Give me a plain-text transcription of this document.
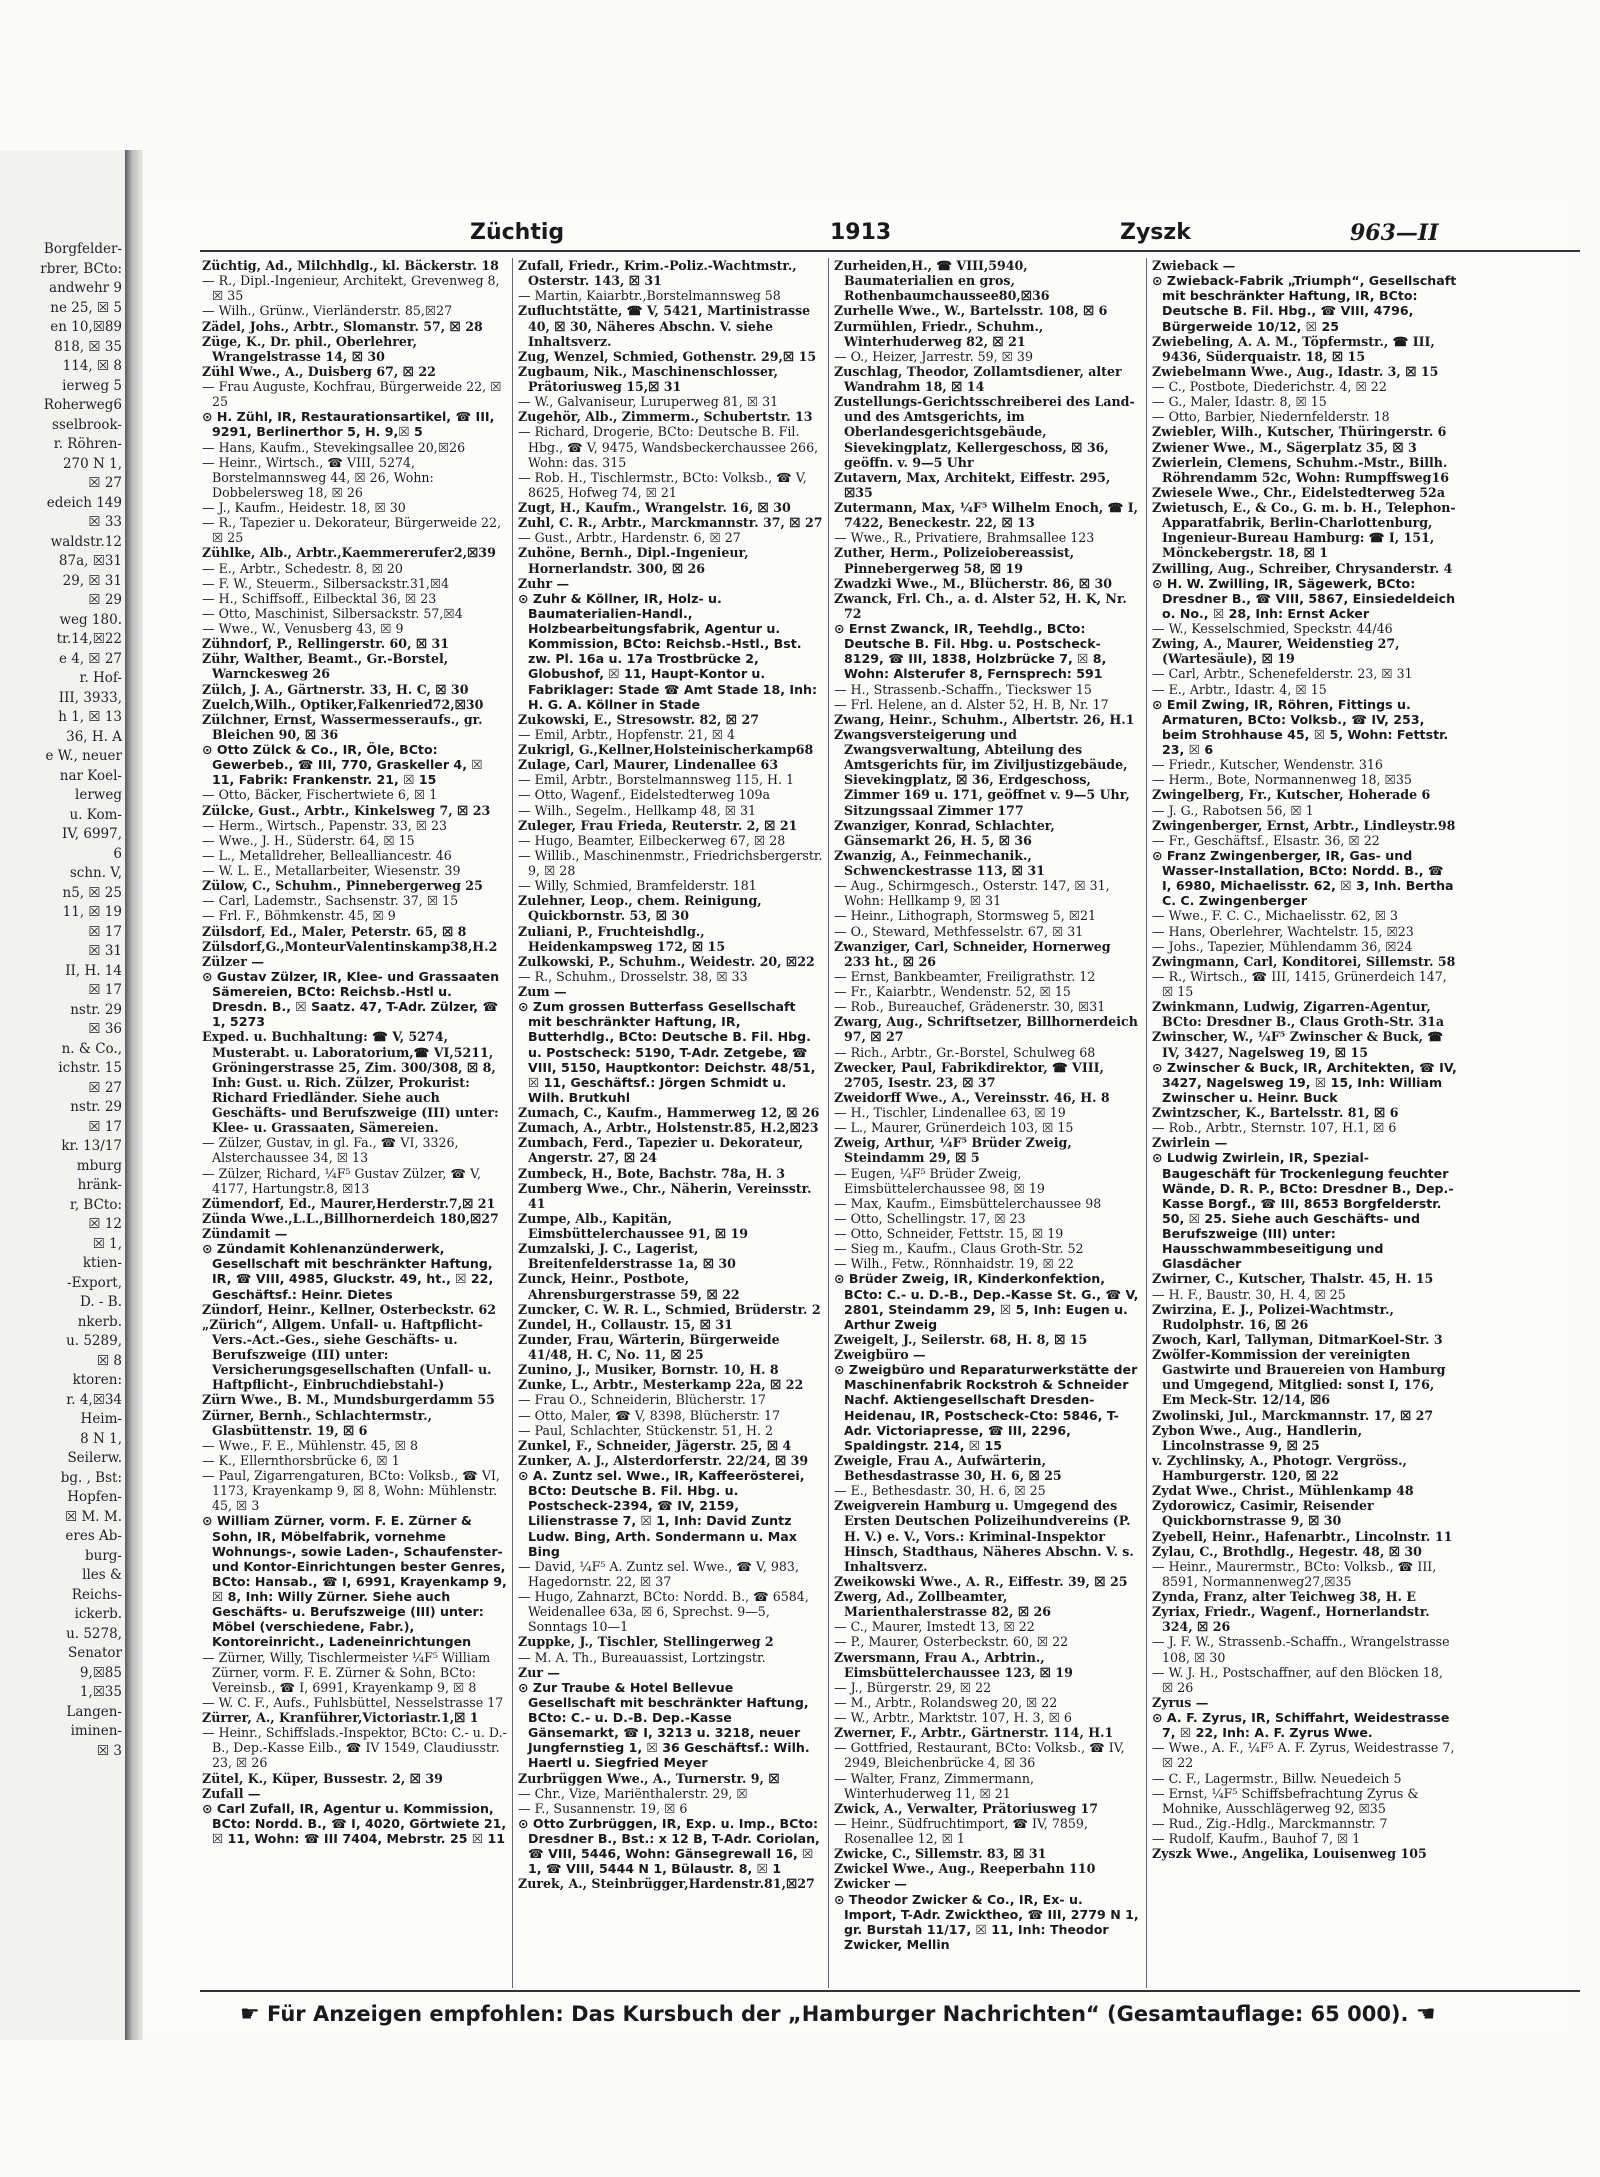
Borgfelder-
rbrer, BCto:
andwehr 9
ne 25, ☒ 5
en 10,☒89
818, ☒ 35
114, ☒ 8
ierweg 5
Roherweg6
sselbrook-
r. Röhren-
270 N 1,
☒ 27
edeich 149
☒ 33
waldstr.12
87a, ☒31
29, ☒ 31
☒ 29
weg 180.
tr.14,☒22
e 4, ☒ 27
r. Hof-
III, 3933,
h 1, ☒ 13
36, H. A
e W., neuer
nar Koel-
lerweg
u. Kom-
IV, 6997,
6
schn. V,
n5, ☒ 25
11, ☒ 19
☒ 17
☒ 31
II, H. 14
☒ 17
nstr. 29
☒ 36
n. & Co.,
ichstr. 15
☒ 27
nstr. 29
☒ 17
kr. 13/17
mburg
hränk-
r, BCto:
☒ 12
☒ 1,
ktien-
-Export,
D. - B.
nkerb.
u. 5289,
☒ 8
ktoren:
r. 4,☒34
Heim-
8 N 1,
Seilerw.
bg. , Bst:
Hopfen-
☒ M. M.
eres Ab-
burg-
lles &
Reichs-
ickerb.
u. 5278,
Senator
9,☒85
1,☒35
Langen-
iminen-
☒ 3
Züchtig	1913	Zyszk	963—II

Züchtig, Ad., Milchhdlg., kl. Bäckerstr. 18

— R., Dipl.-Ingenieur, Architekt, Grevenweg 8, ☒ 35

— Wilh., Grünw., Vierländerstr. 85,☒27

Zädel, Johs., Arbtr., Slomanstr. 57, ☒ 28

Züge, K., Dr. phil., Oberlehrer, Wrangelstrasse 14, ☒ 30

Zühl Wwe., A., Duisberg 67, ☒ 22

— Frau Auguste, Kochfrau, Bürgerweide 22, ☒ 25

⊙ H. Zühl, IR, Restaurationsartikel, ☎ III, 9291, Berlinerthor 5, H. 9,☒ 5

— Hans, Kaufm., Stevekingsallee 20,☒26

— Heinr., Wirtsch., ☎ VIII, 5274, Borstelmannsweg 44, ☒ 26, Wohn: Dobbelersweg 18, ☒ 26

— J., Kaufm., Heidestr. 18, ☒ 30

— R., Tapezier u. Dekorateur, Bürgerweide 22, ☒ 25

Zühlke, Alb., Arbtr.,Kaemmererufer2,☒39

— E., Arbtr., Schedestr. 8, ☒ 20

— F. W., Steuerm., Silbersackstr.31,☒4

— H., Schiffsoff., Eilbecktal 36, ☒ 23

— Otto, Maschinist, Silbersackstr. 57,☒4

— Wwe., W., Venusberg 43, ☒ 9

Zühndorf, P., Rellingerstr. 60, ☒ 31

Zühr, Walther, Beamt., Gr.-Borstel, Warnckesweg 26

Zülch, J. A., Gärtnerstr. 33, H. C, ☒ 30

Zuelch,Wilh., Optiker,Falkenried72,☒30

Zülchner, Ernst, Wassermesseraufs., gr. Bleichen 90, ☒ 36

⊙ Otto Zülck & Co., IR, Öle, BCto: Gewerbeb., ☎ III, 770, Graskeller 4, ☒ 11, Fabrik: Frankenstr. 21, ☒ 15

— Otto, Bäcker, Fischertwiete 6, ☒ 1

Zülcke, Gust., Arbtr., Kinkelsweg 7, ☒ 23

— Herm., Wirtsch., Papenstr. 33, ☒ 23

— Wwe., J. H., Süderstr. 64, ☒ 15

— L., Metalldreher, Bellealliancestr. 46

— W. L. E., Metallarbeiter, Wiesenstr. 39

Zülow, C., Schuhm., Pinnebergerweg 25

— Carl, Lademstr., Sachsenstr. 37, ☒ 15

— Frl. F., Böhmkenstr. 45, ☒ 9

Zülsdorf, Ed., Maler, Peterstr. 65, ☒ 8

Zülsdorf,G.,MonteurValentinskamp38,H.2

Zülzer —

⊙ Gustav Zülzer, IR, Klee- und Grassaaten Sämereien, BCto: Reichsb.-Hstl u. Dresdn. B., ☒ Saatz. 47, T-Adr. Zülzer, ☎ 1, 5273

Exped. u. Buchhaltung: ☎ V, 5274, Musterabt. u. Laboratorium,☎ VI,5211, Gröningerstrasse 25, Zim. 300/308, ☒ 8, Inh: Gust. u. Rich. Zülzer, Prokurist: Richard Friedländer. Siehe auch Geschäfts- und Berufszweige (III) unter: Klee- u. Grassaaten, Sämereien.

— Zülzer, Gustav, in gl. Fa., ☎ VI, 3326, Alsterchaussee 34, ☒ 13

— Zülzer, Richard, ¼F⁵ Gustav Zülzer, ☎ V, 4177, Hartungstr.8, ☒13

Zümendorf, Ed., Maurer,Herderstr.7,☒ 21

Zünda Wwe.,L.L.,Billhornerdeich 180,☒27

Zündamit —

⊙ Zündamit Kohlenanzünderwerk, Gesellschaft mit beschränkter Haftung, IR, ☎ VIII, 4985, Gluckstr. 49, ht., ☒ 22, Geschäftsf.: Heinr. Dietes

Zündorf, Heinr., Kellner, Osterbeckstr. 62

„Zürich“, Allgem. Unfall- u. Haftpflicht-Vers.-Act.-Ges., siehe Geschäfts- u. Berufszweige (III) unter: Versicherungsgesellschaften (Unfall- u. Haftpflicht-, Einbruchdiebstahl-)

Zürn Wwe., B. M., Mundsburgerdamm 55

Zürner, Bernh., Schlachtermstr., Glasbüttenstr. 19, ☒ 6

— Wwe., F. E., Mühlenstr. 45, ☒ 8

— K., Ellernthorsbrücke 6, ☒ 1

— Paul, Zigarrengaturen, BCto: Volksb., ☎ VI, 1173, Krayenkamp 9, ☒ 8, Wohn: Mühlenstr. 45, ☒ 3

⊙ William Zürner, vorm. F. E. Zürner & Sohn, IR, Möbelfabrik, vornehme Wohnungs-, sowie Laden-, Schaufenster- und Kontor-Einrichtungen bester Genres, BCto: Hansab., ☎ I, 6991, Krayenkamp 9, ☒ 8, Inh: Willy Zürner. Siehe auch Geschäfts- u. Berufszweige (III) unter: Möbel (verschiedene, Fabr.), Kontoreinricht., Ladeneinrichtungen

— Zürner, Willy, Tischlermeister ¼F⁵ William Zürner, vorm. F. E. Zürner & Sohn, BCto: Vereinsb., ☎ I, 6991, Krayenkamp 9, ☒ 8

— W. C. F., Aufs., Fuhlsbüttel, Nesselstrasse 17

Zürrer, A., Kranführer,Victoriastr.1,☒ 1

— Heinr., Schiffslads.-Inspektor, BCto: C.- u. D.-B., Dep.-Kasse Eilb., ☎ IV 1549, Claudiusstr. 23, ☒ 26

Zütel, K., Küper, Bussestr. 2, ☒ 39

Zufall —

⊙ Carl Zufall, IR, Agentur u. Kommission, BCto: Nordd. B., ☎ I, 4020, Görtwiete 21, ☒ 11, Wohn: ☎ III 7404, Mebrstr. 25 ☒ 11

Zufall, Friedr., Krim.-Poliz.-Wachtmstr., Osterstr. 143, ☒ 31

— Martin, Kaiarbtr.,Borstelmannsweg 58

Zufluchtstätte, ☎ V, 5421, Martinistrasse 40, ☒ 30, Näheres Abschn. V. siehe Inhaltsverz.

Zug, Wenzel, Schmied, Gothenstr. 29,☒ 15

Zugbaum, Nik., Maschinenschlosser, Prätoriusweg 15,☒ 31

— W., Galvaniseur, Luruperweg 81, ☒ 31

Zugehör, Alb., Zimmerm., Schubertstr. 13

— Richard, Drogerie, BCto: Deutsche B. Fil. Hbg., ☎ V, 9475, Wandsbeckerchaussee 266, Wohn: das. 315

— Rob. H., Tischlermstr., BCto: Volksb., ☎ V, 8625, Hofweg 74, ☒ 21

Zugt, H., Kaufm., Wrangelstr. 16, ☒ 30

Zuhl, C. R., Arbtr., Marckmannstr. 37, ☒ 27

— Gust., Arbtr., Hardenstr. 6, ☒ 27

Zuhöne, Bernh., Dipl.-Ingenieur, Hornerlandstr. 300, ☒ 26

Zuhr —

⊙ Zuhr & Köllner, IR, Holz- u. Baumaterialien-Handl., Holzbearbeitungsfabrik, Agentur u. Kommission, BCto: Reichsb.-Hstl., Bst. zw. Pl. 16a u. 17a Trostbrücke 2, Globushof, ☒ 11, Haupt-Kontor u. Fabriklager: Stade ☎ Amt Stade 18, Inh: H. G. A. Köllner in Stade

Zukowski, E., Stresowstr. 82, ☒ 27

— Emil, Arbtr., Hopfenstr. 21, ☒ 4

Zukrigl, G.,Kellner,Holsteinischerkamp68

Zulage, Carl, Maurer, Lindenallee 63

— Emil, Arbtr., Borstelmannsweg 115, H. 1

— Otto, Wagenf., Eidelstedterweg 109a

— Wilh., Segelm., Hellkamp 48, ☒ 31

Zuleger, Frau Frieda, Reuterstr. 2, ☒ 21

— Hugo, Beamter, Eilbeckerweg 67, ☒ 28

— Willib., Maschinenmstr., Friedrichsbergerstr. 9, ☒ 28

— Willy, Schmied, Bramfelderstr. 181

Zulehner, Leop., chem. Reinigung, Quickbornstr. 53, ☒ 30

Zuliani, P., Fruchteishdlg., Heidenkampsweg 172, ☒ 15

Zulkowski, P., Schuhm., Weidestr. 20, ☒22

— R., Schuhm., Drosselstr. 38, ☒ 33

Zum —

⊙ Zum grossen Butterfass Gesellschaft mit beschränkter Haftung, IR, Butterhdlg., BCto: Deutsche B. Fil. Hbg. u. Postscheck: 5190, T-Adr. Zetgebe, ☎ VIII, 5150, Hauptkontor: Deichstr. 48/51, ☒ 11, Geschäftsf.: Jörgen Schmidt u. Wilh. Brutkuhl

Zumach, C., Kaufm., Hammerweg 12, ☒ 26

Zumach, A., Arbtr., Holstenstr.85, H.2,☒23

Zumbach, Ferd., Tapezier u. Dekorateur, Angerstr. 27, ☒ 24

Zumbeck, H., Bote, Bachstr. 78a, H. 3

Zumberg Wwe., Chr., Näherin, Vereinsstr. 41

Zumpe, Alb., Kapitän, Eimsbüttelerchaussee 91, ☒ 19

Zumzalski, J. C., Lagerist, Breitenfelderstrasse 1a, ☒ 30

Zunck, Heinr., Postbote, Ahrensburgerstrasse 59, ☒ 22

Zuncker, C. W. R. L., Schmied, Brüderstr. 2

Zundel, H., Collaustr. 15, ☒ 31

Zunder, Frau, Wärterin, Bürgerweide 41/48, H. C, No. 11, ☒ 25

Zunino, J., Musiker, Bornstr. 10, H. 8

Zunke, L., Arbtr., Mesterkamp 22a, ☒ 22

— Frau O., Schneiderin, Blücherstr. 17

— Otto, Maler, ☎ V, 8398, Blücherstr. 17

— Paul, Schlachter, Stückenstr. 51, H. 2

Zunkel, F., Schneider, Jägerstr. 25, ☒ 4

Zunker, A. J., Alsterdorferstr. 22/24, ☒ 39

⊙ A. Zuntz sel. Wwe., IR, Kaffeerösterei, BCto: Deutsche B. Fil. Hbg. u. Postscheck-2394, ☎ IV, 2159, Lilienstrasse 7, ☒ 1, Inh: David Zuntz Ludw. Bing, Arth. Sondermann u. Max Bing

— David, ¼F⁵ A. Zuntz sel. Wwe., ☎ V, 983, Hagedornstr. 22, ☒ 37

— Hugo, Zahnarzt, BCto: Nordd. B., ☎ 6584, Weidenallee 63a, ☒ 6, Sprechst. 9—5, Sonntags 10—1

Zuppke, J., Tischler, Stellingerweg 2

— M. A. Th., Bureauassist, Lortzingstr.

Zur —

⊙ Zur Traube & Hotel Bellevue Gesellschaft mit beschränkter Haftung, BCto: C.- u. D.-B. Dep.-Kasse Gänsemarkt, ☎ I, 3213 u. 3218, neuer Jungfernstieg 1, ☒ 36 Geschäftsf.: Wilh. Haertl u. Siegfried Meyer

Zurbrüggen Wwe., A., Turnerstr. 9, ☒

— Chr., Vize, Mariënthalerstr. 29, ☒

— F., Susannenstr. 19, ☒ 6

⊙ Otto Zurbrüggen, IR, Exp. u. Imp., BCto: Dresdner B., Bst.: x 12 B, T-Adr. Coriolan, ☎ VIII, 5446, Wohn: Gänsegrewall 16, ☒ 1, ☎ VIII, 5444 N 1, Bülaustr. 8, ☒ 1

Zurek, A., Steinbrügger,Hardenstr.81,☒27

Zurheiden,H., ☎ VIII,5940, Baumaterialien en gros, Rothenbaumchaussee80,☒36

Zurhelle Wwe., W., Bartelsstr. 108, ☒ 6

Zurmühlen, Friedr., Schuhm., Winterhuderweg 82, ☒ 21

— O., Heizer, Jarrestr. 59, ☒ 39

Zuschlag, Theodor, Zollamtsdiener, alter Wandrahm 18, ☒ 14

Zustellungs-Gerichtsschreiberei des Land- und des Amtsgerichts, im Oberlandesgerichtsgebäude, Sievekingplatz, Kellergeschoss, ☒ 36, geöffn. v. 9—5 Uhr

Zutavern, Max, Architekt, Eiffestr. 295, ☒35

Zutermann, Max, ¼F⁵ Wilhelm Enoch, ☎ I, 7422, Beneckestr. 22, ☒ 13

— Wwe., R., Privatiere, Brahmsallee 123

Zuther, Herm., Polizeiobereassist, Pinnebergerweg 58, ☒ 19

Zwadzki Wwe., M., Blücherstr. 86, ☒ 30

Zwanck, Frl. Ch., a. d. Alster 52, H. K, Nr. 72

⊙ Ernst Zwanck, IR, Teehdlg., BCto: Deutsche B. Fil. Hbg. u. Postscheck-8129, ☎ III, 1838, Holzbrücke 7, ☒ 8, Wohn: Alsterufer 8, Fernsprech: 591

— H., Strassenb.-Schaffn., Tieckswег 15

— Frl. Helene, an d. Alster 52, H. B, Nr. 17

Zwang, Heinr., Schuhm., Albertstr. 26, H.1

Zwangsversteigerung und Zwangsverwaltung, Abteilung des Amtsgerichts für, im Ziviljustizgebäude, Sievekingplatz, ☒ 36, Erdgeschoss, Zimmer 169 u. 171, geöffnet v. 9—5 Uhr, Sitzungssaal Zimmer 177

Zwanziger, Konrad, Schlachter, Gänsemarkt 26, H. 5, ☒ 36

Zwanzig, A., Feinmechanik., Schwenckestrasse 113, ☒ 31

— Aug., Schirmgesch., Osterstr. 147, ☒ 31, Wohn: Hellkamp 9, ☒ 31

— Heinr., Lithograph, Stormsweg 5, ☒21

— O., Steward, Methfesselstr. 67, ☒ 31

Zwanziger, Carl, Schneider, Hornerweg 233 ht., ☒ 26

— Ernst, Bankbeamter, Freiligrathstr. 12

— Fr., Kaiarbtr., Wendenstr. 52, ☒ 15

— Rob., Bureauchef, Grädenerstr. 30, ☒31

Zwarg, Aug., Schriftsetzer, Billhornerdeich 97, ☒ 27

— Rich., Arbtr., Gr.-Borstel, Schulweg 68

Zwecker, Paul, Fabrikdirektor, ☎ VIII, 2705, Isestr. 23, ☒ 37

Zweidorff Wwe., A., Vereinsstr. 46, H. 8

— H., Tischler, Lindenallee 63, ☒ 19

— L., Maurer, Grünerdeich 103, ☒ 15

Zweig, Arthur, ¼F⁵ Brüder Zweig, Steindamm 29, ☒ 5

— Eugen, ¼F⁵ Brüder Zweig, Eimsbüttelerchaussee 98, ☒ 19

— Max, Kaufm., Eimsbüttelerchaussee 98

— Otto, Schellingstr. 17, ☒ 23

— Otto, Schneider, Fettstr. 15, ☒ 19

— Sieg m., Kaufm., Claus Groth-Str. 52

— Wilh., Fetw., Rönnhaidstr. 19, ☒ 22

⊙ Brüder Zweig, IR, Kinderkonfektion, BCto: C.- u. D.-B., Dep.-Kasse St. G., ☎ V, 2801, Steindamm 29, ☒ 5, Inh: Eugen u. Arthur Zweig

Zweigelt, J., Seilerstr. 68, H. 8, ☒ 15

Zweigbüro —

⊙ Zweigbüro und Reparaturwerkstätte der Maschinenfabrik Rockstroh & Schneider Nachf. Aktiengesellschaft Dresden-Heidenau, IR, Postscheck-Cto: 5846, T-Adr. Victoriapresse, ☎ III, 2296, Spaldingstr. 214, ☒ 15

Zweigle, Frau A., Aufwärterin, Bethesdastrasse 30, H. 6, ☒ 25

— E., Bethesdastr. 30, H. 6, ☒ 25

Zweigverein Hamburg u. Umgegend des Ersten Deutschen Polizeihundvereins (P. H. V.) e. V., Vors.: Kriminal-Inspektor Hinsch, Stadthaus, Näheres Abschn. V. s. Inhaltsverz.

Zweikowski Wwe., A. R., Eiffestr. 39, ☒ 25

Zwerg, Ad., Zollbeamter, Marienthalerstrasse 82, ☒ 26

— C., Maurer, Imstedt 13, ☒ 22

— P., Maurer, Osterbeckstr. 60, ☒ 22

Zwersmann, Frau A., Arbtrin., Eimsbüttelerchaussee 123, ☒ 19

— J., Bürgerstr. 29, ☒ 22

— M., Arbtr., Rolandsweg 20, ☒ 22

— W., Arbtr., Marktstr. 107, H. 3, ☒ 6

Zwerner, F., Arbtr., Gärtnerstr. 114, H.1

— Gottfried, Restaurant, BCto: Volksb., ☎ IV, 2949, Bleichenbrücke 4, ☒ 36

— Walter, Franz, Zimmermann, Winterhuderweg 11, ☒ 21

Zwick, A., Verwalter, Prätoriusweg 17

— Heinr., Südfruchtimport, ☎ IV, 7859, Rosenallee 12, ☒ 1

Zwicke, C., Sillemstr. 83, ☒ 31

Zwickel Wwe., Aug., Reeperbahn 110

Zwicker —

⊙ Theodor Zwicker & Co., IR, Ex- u. Import, T-Adr. Zwicktheo, ☎ III, 2779 N 1, gr. Burstah 11/17, ☒ 11, Inh: Theodor Zwicker, Mellin

Zwieback —

⊙ Zwieback-Fabrik „Triumph“, Gesellschaft mit beschränkter Haftung, IR, BCto: Deutsche B. Fil. Hbg., ☎ VIII, 4796, Bürgerweide 10/12, ☒ 25

Zwiebeling, A. A. M., Töpfermstr., ☎ III, 9436, Süderquaistr. 18, ☒ 15

Zwiebelmann Wwe., Aug., Idastr. 3, ☒ 15

— C., Postbote, Diederichstr. 4, ☒ 22

— G., Maler, Idastr. 8, ☒ 15

— Otto, Barbier, Niedernfelderstr. 18

Zwiebler, Wilh., Kutscher, Thüringerstr. 6

Zwiener Wwe., M., Sägerplatz 35, ☒ 3

Zwierlein, Clemens, Schuhm.-Mstr., Billh. Röhrendamm 52c, Wohn: Rumpffsweg16

Zwiesele Wwe., Chr., Eidelstedterweg 52a

Zwietusch, E., & Co., G. m. b. H., Telephon-Apparatfabrik, Berlin-Charlottenburg, Ingenieur-Bureau Hamburg: ☎ I, 151, Mönckebergstr. 18, ☒ 1

Zwilling, Aug., Schreiber, Chrysanderstr. 4

⊙ H. W. Zwilling, IR, Sägewerk, BCto: Dresdner B., ☎ VIII, 5867, Einsiedeldeich o. No., ☒ 28, Inh: Ernst Acker

— W., Kesselschmied, Speckstr. 44/46

Zwing, A., Maurer, Weidenstieg 27, (Wartesäule), ☒ 19

— Carl, Arbtr., Schenefelderstr. 23, ☒ 31

— E., Arbtr., Idastr. 4, ☒ 15

⊙ Emil Zwing, IR, Röhren, Fittings u. Armaturen, BCto: Volksb., ☎ IV, 253, beim Strohhause 45, ☒ 5, Wohn: Fettstr. 23, ☒ 6

— Friedr., Kutscher, Wendenstr. 316

— Herm., Bote, Normannenweg 18, ☒35

Zwingelberg, Fr., Kutscher, Hoherade 6

— J. G., Rabotsen 56, ☒ 1

Zwingenberger, Ernst, Arbtr., Lindleystr.98

— Fr., Geschäftsf., Elsastr. 36, ☒ 22

⊙ Franz Zwingenberger, IR, Gas- und Wasser-Installation, BCto: Nordd. B., ☎ I, 6980, Michaelisstr. 62, ☒ 3, Inh. Bertha C. C. Zwingenberger

— Wwe., F. C. C., Michaelisstr. 62, ☒ 3

— Hans, Oberlehrer, Wachtelstr. 15, ☒23

— Johs., Tapezier, Mühlendamm 36, ☒24

Zwingmann, Carl, Konditorei, Sillemstr. 58

— R., Wirtsch., ☎ III, 1415, Grünerdeich 147, ☒ 15

Zwinkmann, Ludwig, Zigarren-Agentur, BCto: Dresdner B., Claus Groth-Str. 31a

Zwinscher, W., ¼F⁵ Zwinscher & Buck, ☎ IV, 3427, Nagelsweg 19, ☒ 15

⊙ Zwinscher & Buck, IR, Architekten, ☎ IV, 3427, Nagelsweg 19, ☒ 15, Inh: William Zwinscher u. Heinr. Buck

Zwintzscher, K., Bartelsstr. 81, ☒ 6

— Rob., Arbtr., Sternstr. 107, H.1, ☒ 6

Zwirlein —

⊙ Ludwig Zwirlein, IR, Spezial-Baugeschäft für Trockenlegung feuchter Wände, D. R. P., BCto: Dresdner B., Dep.-Kasse Borgf., ☎ III, 8653 Borgfelderstr. 50, ☒ 25. Siehe auch Geschäfts- und Berufszweige (III) unter: Hausschwammbeseitigung und Glasdächer

Zwirner, C., Kutscher, Thalstr. 45, H. 15

— H. F., Baustr. 30, H. 4, ☒ 25

Zwirzina, E. J., Polizei-Wachtmstr., Rudolphstr. 16, ☒ 26

Zwoch, Karl, Tallyman, DitmarKoel-Str. 3

Zwölfer-Kommission der vereinigten Gastwirte und Brauereien von Hamburg und Umgegend, Mitglied: sonst I, 176, Em Meck-Str. 12/14, ☒6

Zwolinski, Jul., Marckmannstr. 17, ☒ 27

Zybon Wwe., Aug., Handlerin, Lincolnstrasse 9, ☒ 25

v. Zychlinsky, A., Photogr. Vergröss., Hamburgerstr. 120, ☒ 22

Zydat Wwe., Christ., Mühlenkamp 48

Zydorowicz, Casimir, Reisender Quickbornstrasse 9, ☒ 30

Zyebell, Heinr., Hafenarbtr., Lincolnstr. 11

Zylau, C., Brothdlg., Hegestr. 48, ☒ 30

— Heinr., Maurermstr., BCto: Volksb., ☎ III, 8591, Normannenweg27,☒35

Zynda, Franz, alter Teichweg 38, H. E

Zyriax, Friedr., Wagenf., Hornerlandstr. 324, ☒ 26

— J. F. W., Strassenb.-Schaffn., Wrangelstrasse 108, ☒ 30

— W. J. H., Postschaffner, auf den Blöcken 18, ☒ 26

Zyrus —

⊙ A. F. Zyrus, IR, Schiffahrt, Weidestrasse 7, ☒ 22, Inh: A. F. Zyrus Wwe.

— Wwe., A. F., ¼F⁵ A. F. Zyrus, Weidestrasse 7, ☒ 22

— C. F., Lagermstr., Billw. Neuedeich 5

— Ernst, ¼F⁵ Schiffsbefrachtung Zyrus & Mohnike, Ausschlägerweg 92, ☒35

— Rud., Zig.-Hdlg., Marckmannstr. 7

— Rudolf, Kaufm., Bauhof 7, ☒ 1

Zyszk Wwe., Angelika, Louisenweg 105

☛ Für Anzeigen empfohlen: Das Kursbuch der „Hamburger Nachrichten“ (Gesamtauflage: 65 000). ☚
